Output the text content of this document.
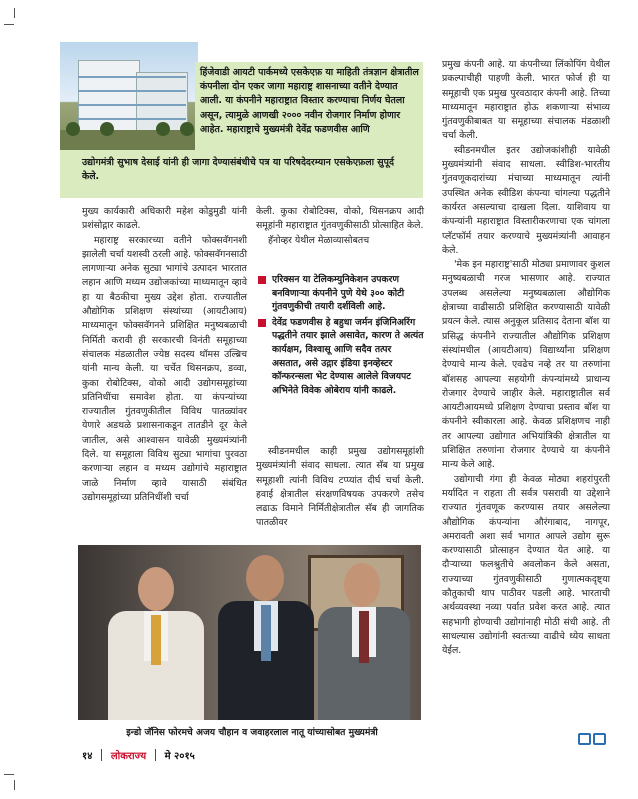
हिंजेवाडी आयटी पार्कमध्ये एसकेएफ़ या माहिती तंत्रज्ञान क्षेत्रातील कंपनीला दोन एकर जागा महाराष्ट्र शासनाच्या वतीने देण्यात आली. या कंपनीने महाराष्ट्रात विस्तार करण्याचा निर्णय घेतला असून, त्यामुळे आणखी २००० नवीन रोजगार निर्माण होणार आहेत. महाराष्ट्राचे मुख्यमंत्री देवेंद्र फडणवीस आणि
उद्योगमंत्री सुभाष देसाई यांनी ही जागा देण्यासंबंधीचे पत्र या परिषदेदरम्यान एसकेएफ़ला सुपूर्द केले.

मुख्य कार्यकारी अधिकारी महेश कोडुमुडी यांनी प्रशंसोद्गार काढले.

महाराष्ट्र सरकारच्या वतीने फोक्सवॅगनशी झालेली चर्चा यशस्वी ठरली आहे. फोक्सवॅगनसाठी लागणाऱ्या अनेक सुट्या भागांचे उत्पादन भारतात लहान आणि मध्यम उद्योजकांच्या माध्यमातून व्हावे हा या बैठकीचा मुख्य उद्देश होता. राज्यातील औद्योगिक प्रशिक्षण संस्थांच्या (आयटीआय) माध्यमातून फोक्सवॅगनने प्रशिक्षित मनुष्यबळाची निर्मिती करावी ही सरकारची विनंती समूहाच्या संचालक मंडळातील ज्येष्ठ सदस्य थॉमस उल्ब्रिच यांनी मान्य केली. या चर्चेत थिसनक्रप, डव्वा, कुका रोबोटिक्स, वोको आदी उद्योगसमूहांच्या प्रतिनिधींचा समावेश होता. या कंपन्यांच्या राज्यातील गुंतवणुकीतील विविध पातळ्यांवर येणारे अडथळे प्रशासनाकडून तातडीने दूर केले जातील, असे आश्वासन यावेळी मुख्यमंत्र्यांनी दिले. या समूहाला विविध सुट्या भागांचा पुरवठा करणाऱ्या लहान व मध्यम उद्योगांचे महाराष्ट्रात जाळे निर्माण व्हावे यासाठी संबंधित उद्योगसमूहांच्या प्रतिनिधींशी चर्चा

केली. कुका रोबोटिक्स, वोको, थिसनक्रप आदी समूहांनी महाराष्ट्रात गुंतवणुकीसाठी प्रोत्साहित केले.

हॅनोव्हर येथील मेळाव्यासोबतच

एरिक्सन या टेलिकम्युनिकेशन उपकरण बनविणाऱ्या कंपनीने पुणे येथे ३०० कोटी गुंतवणुकीची तयारी दर्शविली आहे.
देवेंद्र फडणवीस हे बहुधा जर्मन इंजिनिअरिंग पद्धतीने तयार झाले असावेत, कारण ते अत्यंत कार्यक्षम, विश्वासू आणि सदैव तत्पर असतात, असे उद्गार इंडिया इनव्हेस्टर कॉन्फरन्सला भेट देण्यास आलेले विजयपट अभिनेते विवेक ओबेराय यांनी काढले.

स्वीडनमधील काही प्रमुख उद्योगसमूहांशी मुख्यमंत्र्यांनी संवाद साधला. त्यात सॅब या प्रमुख समूहाशी त्यांनी विविध टप्प्यांत दीर्घ चर्चा केली. हवाई क्षेत्रातील संरक्षणविषयक उपकरणे तसेच लढाऊ विमाने निर्मितीक्षेत्रातील सॅब ही जागतिक पातळीवर

प्रमुख कंपनी आहे. या कंपनीच्या लिंकोपिंग येथील प्रकल्पाचीही पाहणी केली. भारत फोर्ज ही या समूहाची एक प्रमुख पुरवठादार कंपनी आहे. तिच्या माध्यमातून महाराष्ट्रात होऊ शकणाऱ्या संभाव्य गुंतवणुकीबाबत या समूहाच्या संचालक मंडळाशी चर्चा केली.

स्वीडनमधील इतर उद्योजकांशीही यावेळी मुख्यमंत्र्यांनी संवाद साधला. स्वीडिश-भारतीय गुंतवणूकदारांच्या मंचाच्या माध्यमातून त्यांनी उपस्थित अनेक स्वीडिश कंपन्या चांगल्या पद्धतीने कार्यरत असल्याचा दाखला दिला. याशिवाय या कंपन्यांनी महाराष्ट्रात विस्तारीकरणाचा एक चांगला प्लॅटफॉर्म तयार करण्याचे मुख्यमंत्र्यांनी आवाहन केले.

'मेक इन महाराष्ट्र'साठी मोठ्या प्रमाणावर कुशल मनुष्यबळाची गरज भासणार आहे. राज्यात उपलब्ध असलेल्या मनुष्यबळाला औद्योगिक क्षेत्राच्या वाढीसाठी प्रशिक्षित करण्यासाठी यावेळी प्रयत्न केले. त्यास अनुकूल प्रतिसाद देताना बॉश या प्रसिद्ध कंपनीने राज्यातील औद्योगिक प्रशिक्षण संस्थांमधील (आयटीआय) विद्यार्थ्यांना प्रशिक्षण देण्याचे मान्य केले. एवढेच नव्हे तर या तरुणांना बॉशसह आपल्या सहयोगी कंपन्यांमध्ये प्राधान्य रोजगार देण्याचे जाहीर केले. महाराष्ट्रातील सर्व आयटीआयमध्ये प्रशिक्षण देण्याचा प्रस्ताव बॉश या कंपनीने स्वीकारला आहे. केवळ प्रशिक्षणच नाही तर आपल्या उद्योगात अभियांत्रिकी क्षेत्रातील या प्रशिक्षित तरुणांना रोजगार देण्याचे या कंपनीने मान्य केले आहे.

उद्योगाची गंगा ही केवळ मोठ्या शहरांपुरती मर्यादित न राहता ती सर्वत्र पसरावी या उद्देशाने राज्यात गुंतवणूक करण्यास तयार असलेल्या औद्योगिक कंपन्यांना औरंगाबाद, नागपूर, अमरावती अशा सर्व भागात आपले उद्योग सुरू करण्यासाठी प्रोत्साहन देण्यात येत आहे. या दौऱ्याच्या फलश्रुतीचे अवलोकन केले असता, राज्याच्या गुंतवणुकीसाठी गुणात्मकदृष्ट्या कौतुकाची थाप पाठीवर पडली आहे. भारताची अर्थव्यवस्था नव्या पर्वात प्रवेश करत आहे. त्यात सहभागी होण्याची उद्योगांनाही मोठी संधी आहे. ती साधल्यास उद्योगांनी स्वतःच्या वाढीचे ध्येय साधता येईल.

इन्डो जॅनिस फोरमचे अजय चौहान व जवाहरलाल नातू यांच्यासोबत मुख्यमंत्री
१४ लोकराज्य मे २०१५
